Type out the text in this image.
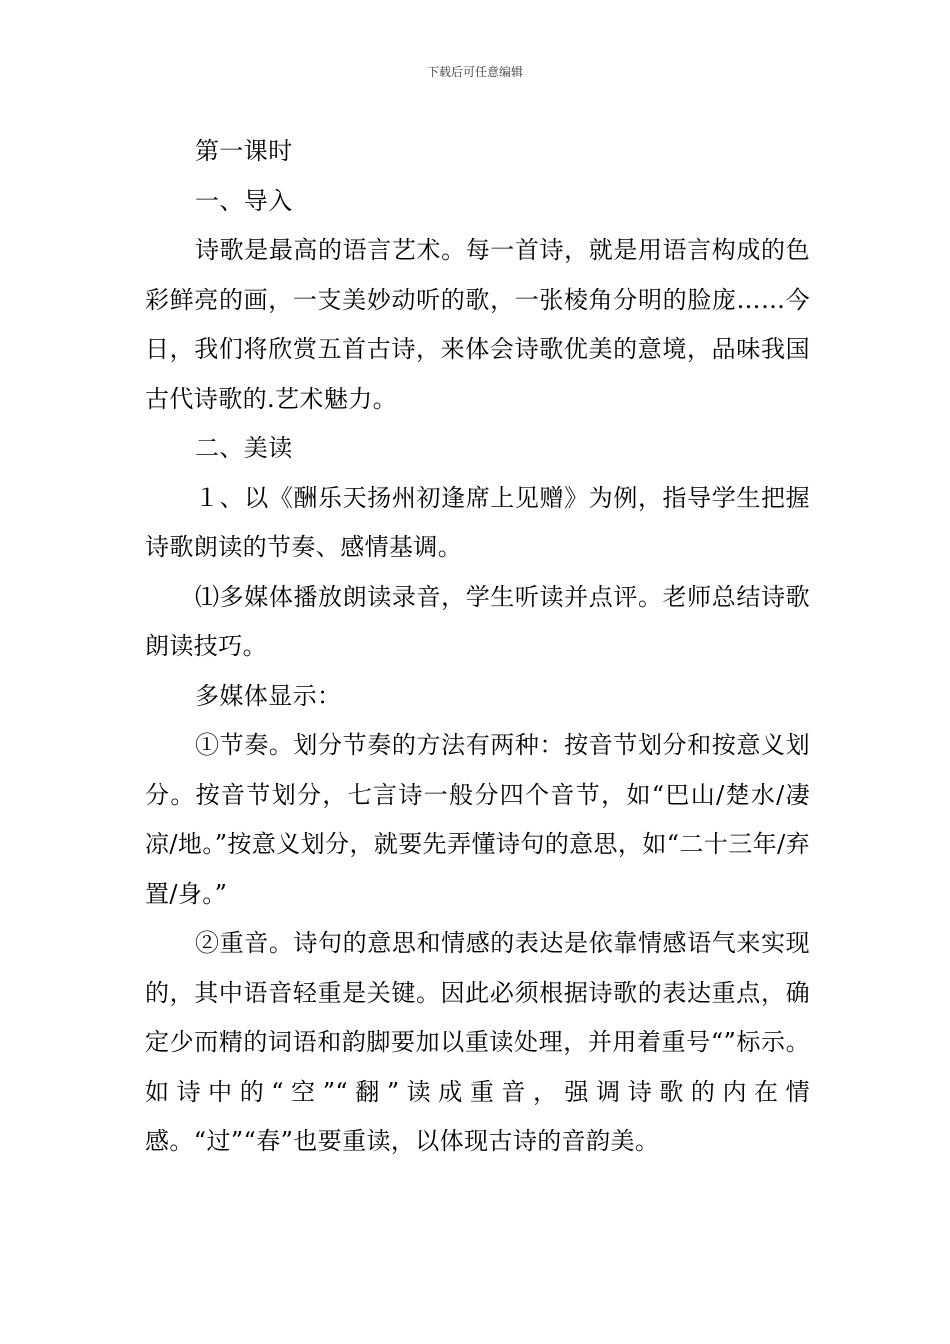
下载后可任意编辑

第一课时

一、导入

诗歌是最高的语言艺术。每一首诗，就是用语言构成的色彩鲜亮的画，一支美妙动听的歌，一张棱角分明的脸庞……今日，我们将欣赏五首古诗，来体会诗歌优美的意境，品味我国古代诗歌的.艺术魅力。

二、美读

１、以《酬乐天扬州初逢席上见赠》为例，指导学生把握诗歌朗读的节奏、感情基调。

⑴多媒体播放朗读录音，学生听读并点评。老师总结诗歌朗读技巧。

多媒体显示：

①节奏。划分节奏的方法有两种：按音节划分和按意义划分。按音节划分，七言诗一般分四个音节，如“巴山/楚水/凄凉/地。”按意义划分，就要先弄懂诗句的意思，如“二十三年/弃置/身。”

②重音。诗句的意思和情感的表达是依靠情感语气来实现的，其中语音轻重是关键。因此必须根据诗歌的表达重点，确定少而精的词语和韵脚要加以重读处理，并用着重号“”标示。如诗中的“空”“翻”读成重音，强调诗歌的内在情感。“过”“春”也要重读，以体现古诗的音韵美。
